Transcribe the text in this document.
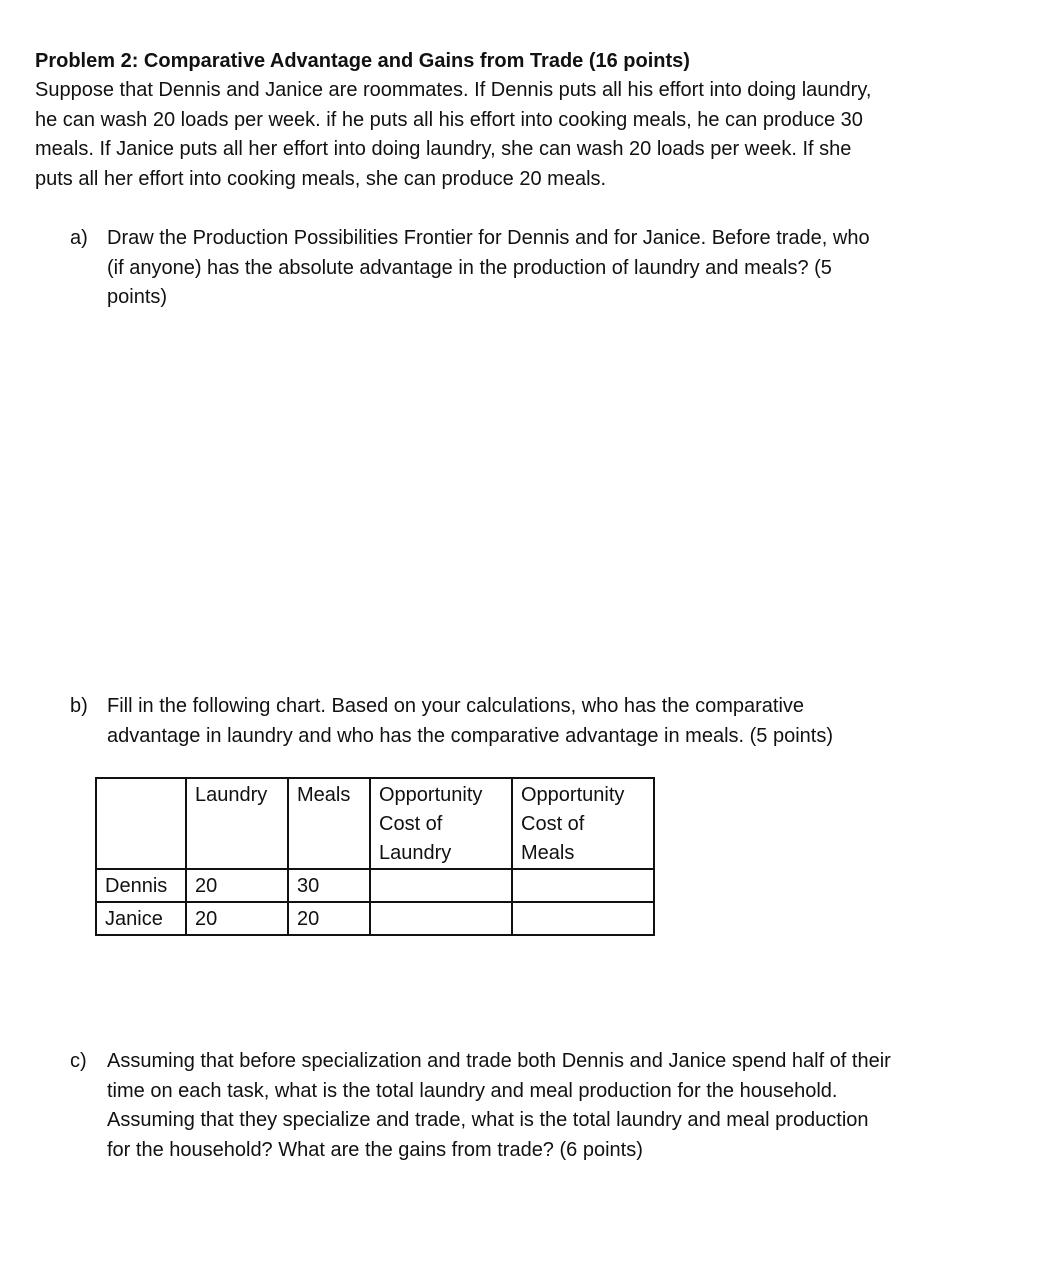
Problem 2: Comparative Advantage and Gains from Trade (16 points)
Suppose that Dennis and Janice are roommates. If Dennis puts all his effort into doing laundry,
he can wash 20 loads per week. if he puts all his effort into cooking meals, he can produce 30
meals. If Janice puts all her effort into doing laundry, she can wash 20 loads per week. If she
puts all her effort into cooking meals, she can produce 20 meals.
a) Draw the Production Possibilities Frontier for Dennis and for Janice. Before trade, who
(if anyone) has the absolute advantage in the production of laundry and meals? (5
points)
b) Fill in the following chart. Based on your calculations, who has the comparative
advantage in laundry and who has the comparative advantage in meals. (5 points)

	Laundry	Meals	Opportunity
Cost of
Laundry	Opportunity
Cost of
Meals

Dennis	20	30		
Janice	20	20		
c) Assuming that before specialization and trade both Dennis and Janice spend half of their
time on each task, what is the total laundry and meal production for the household.
Assuming that they specialize and trade, what is the total laundry and meal production
for the household? What are the gains from trade? (6 points)
